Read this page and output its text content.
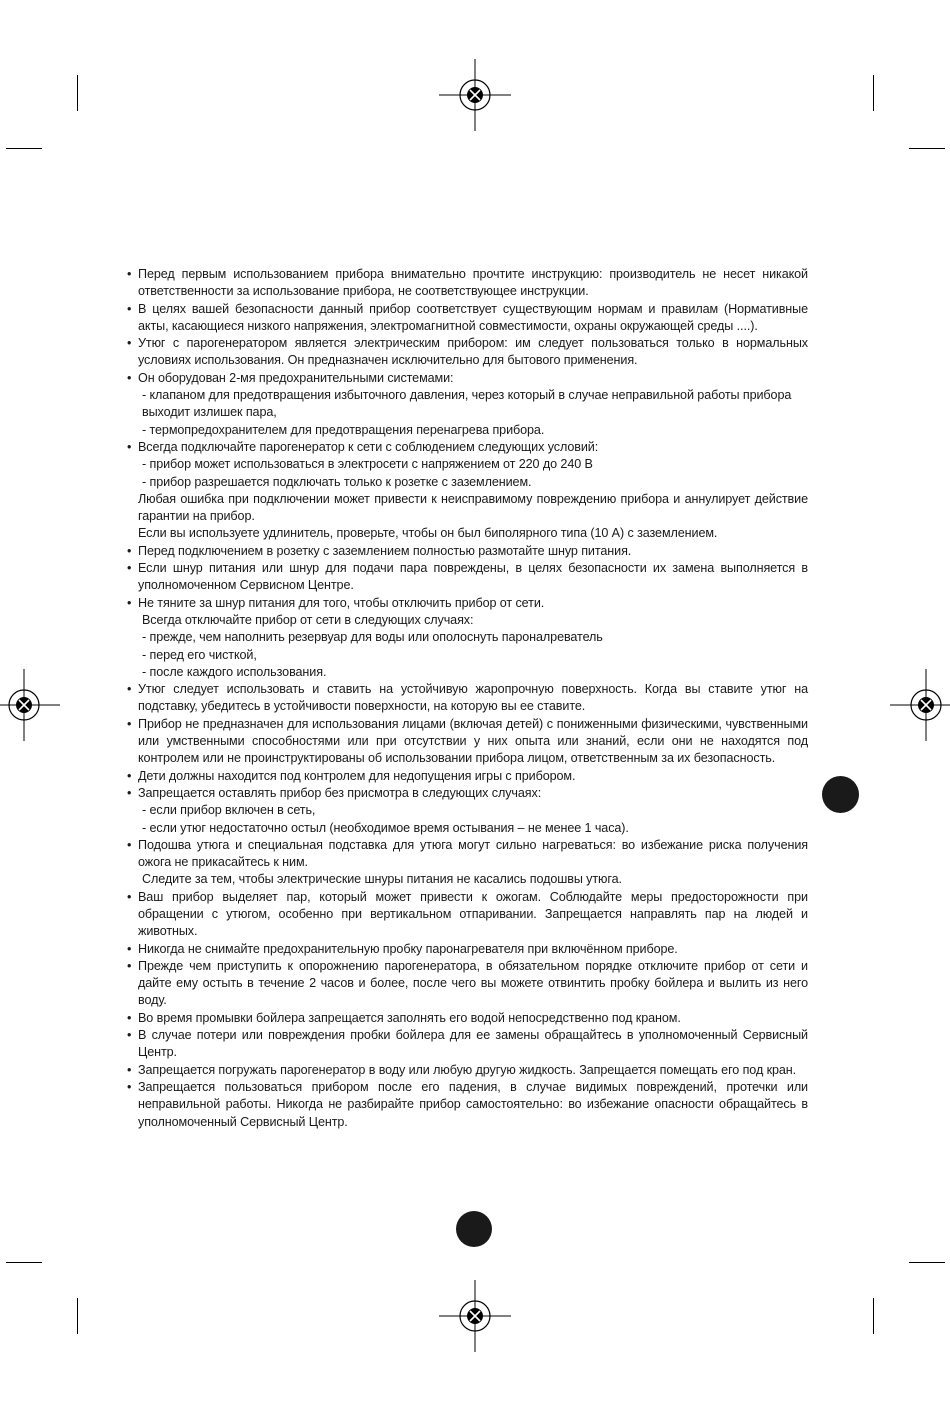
• Перед первым использованием прибора внимательно прочтите инструкцию: производитель не несет никакой ответственности за использование прибора, не соответствующее инструкции.

• В целях вашей безопасности данный прибор соответствует существующим нормам и правилам (Нормативные акты, касающиеся низкого напряжения, электромагнитной совместимости, охраны окружающей среды ....).

• Утюг с парогенератором является электрическим прибором: им следует пользоваться только в нормальных условиях использования. Он предназначен исключительно для бытового применения.

• Он оборудован 2-мя предохранительными системами:

- клапаном для предотвращения избыточного давления, через который в случае неправильной работы прибора выходит излишек пара,

- термопредохранителем для предотвращения перенагрева прибора.

• Всегда подключайте парогенератор к сети с соблюдением следующих условий:

- прибор может использоваться в электросети с напряжением от 220 до 240 В

- прибор разрешается подключать только к розетке с заземлением.

Любая ошибка при подключении может привести к неисправимому повреждению прибора и аннулирует действие гарантии на прибор.

Если вы используете удлинитель, проверьте, чтобы он был биполярного типа (10 А) с заземлением.

• Перед подключением в розетку с заземлением полностью размотайте шнур питания.

• Если шнур питания или шнур для подачи пара повреждены, в целях безопасности их замена выполняется в уполномоченном Сервисном Центре.

• Не тяните за шнур питания для того, чтобы отключить прибор от сети.

Всегда отключайте прибор от сети в следующих случаях:

- прежде, чем наполнить резервуар для воды или ополоснуть пароналреватель

- перед его чисткой,

- после каждого использования.

• Утюг следует использовать и ставить на устойчивую жаропрочную поверхность. Когда вы ставите утюг на подставку, убедитесь в устойчивости поверхности, на которую вы ее ставите.

• Прибор не предназначен для использования лицами (включая детей) с пониженными физическими, чувственными или умственными способностями или при отсутствии у них опыта или знаний, если они не находятся под контролем или не проинструктированы об использовании прибора лицом, ответственным за их безопасность.

• Дети должны находится под контролем для недопущения игры с прибором.

• Запрещается оставлять прибор без присмотра в следующих случаях:

- если прибор включен в сеть,

- если утюг недостаточно остыл (необходимое время остывания – не менее 1 часа).

• Подошва утюга и специальная подставка для утюга могут сильно нагреваться: во избежание риска получения ожога не прикасайтесь к ним.

Следите за тем, чтобы электрические шнуры питания не касались подошвы утюга.

• Ваш прибор выделяет пар, который может привести к ожогам. Соблюдайте меры предосторожности при обращении с утюгом, особенно при вертикальном отпаривании. Запрещается направлять пар на людей и животных.

• Никогда не снимайте предохранительную пробку паронагревателя при включённом приборе.

• Прежде чем приступить к опорожнению парогенератора, в обязательном порядке отключите прибор от сети и дайте ему остыть в течение 2 часов и более, после чего вы можете отвинтить пробку бойлера и вылить из него воду.

• Во время промывки бойлера запрещается заполнять его водой непосредственно под краном.

• В случае потери или повреждения пробки бойлера для ее замены обращайтесь в уполномоченный Сервисный Центр.

• Запрещается погружать парогенератор в воду или любую другую жидкость. Запрещается помещать его под кран.

• Запрещается пользоваться прибором после его падения, в случае видимых повреждений, протечки или неправильной работы. Никогда не разбирайте прибор самостоятельно: во избежание опасности обращайтесь в уполномоченный Сервисный Центр.
